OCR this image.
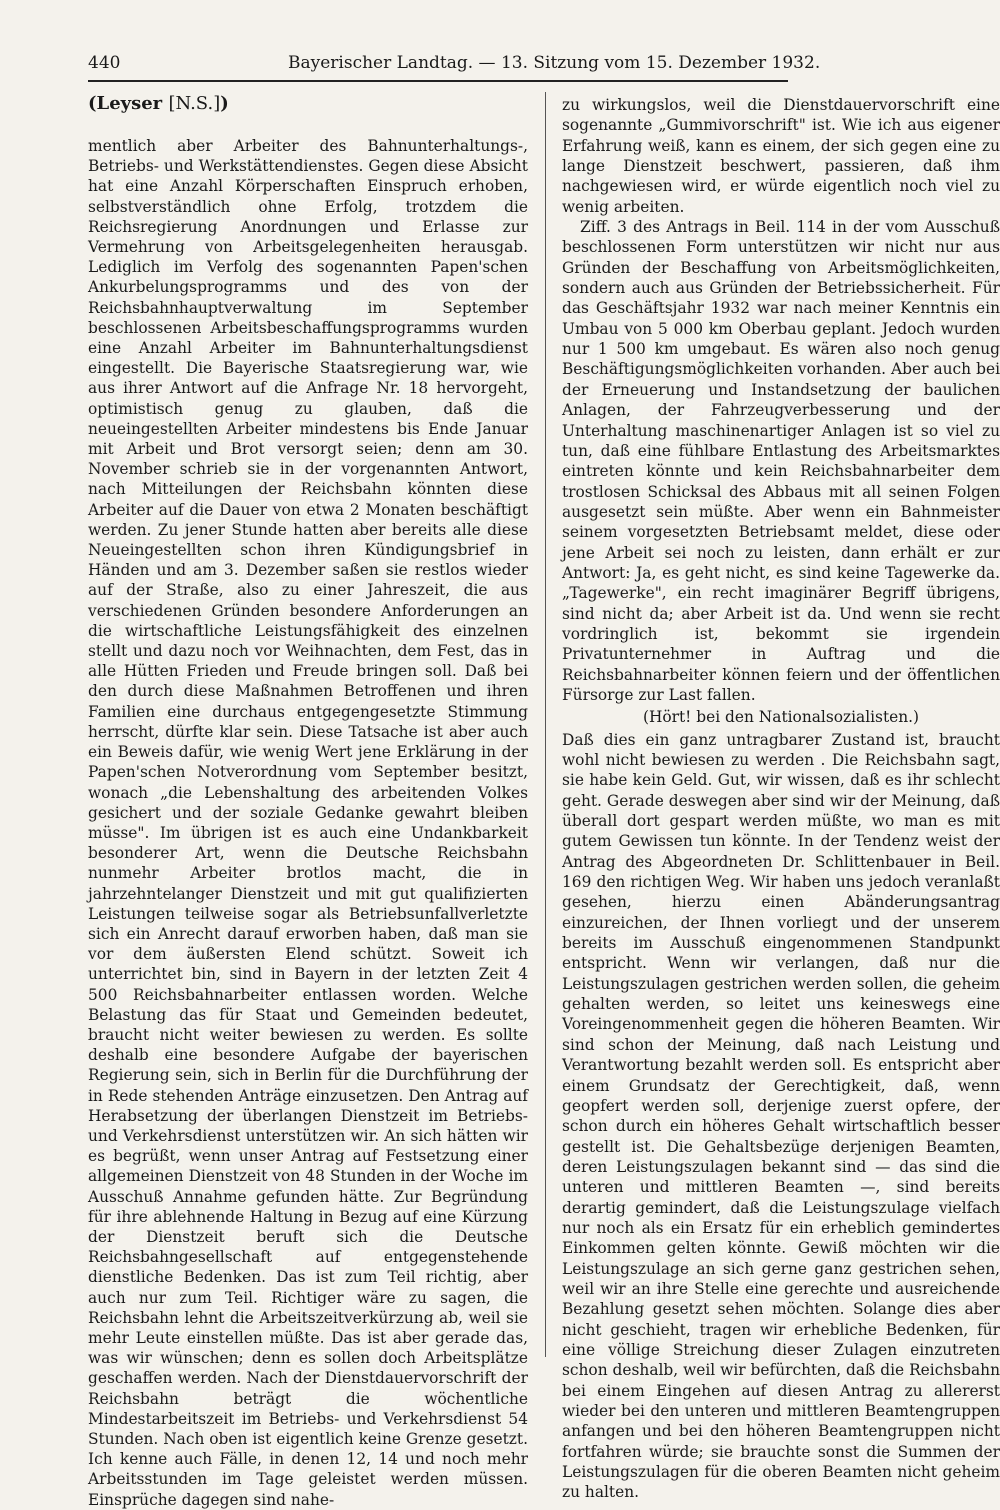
440	Bayerischer Landtag. — 13. Sitzung vom 15. Dezember 1932.
(Leyser [N.S.])

mentlich aber Arbeiter des Bahnunterhaltungs-, Betriebs- und Werkstättendienstes. Gegen diese Absicht hat eine Anzahl Körperschaften Einspruch erhoben, selbstverständlich ohne Erfolg, trotzdem die Reichsregierung Anordnungen und Erlasse zur Vermehrung von Arbeitsgelegenheiten herausgab. Lediglich im Verfolg des sogenannten Papen'schen Ankurbelungsprogramms und des von der Reichsbahnhauptverwaltung im September beschlossenen Arbeitsbeschaffungsprogramms wurden eine Anzahl Arbeiter im Bahnunterhaltungsdienst eingestellt. Die Bayerische Staatsregierung war, wie aus ihrer Antwort auf die Anfrage Nr. 18 hervorgeht, optimistisch genug zu glauben, daß die neueingestellten Arbeiter mindestens bis Ende Januar mit Arbeit und Brot versorgt seien; denn am 30. November schrieb sie in der vorgenannten Antwort, nach Mitteilungen der Reichsbahn könnten diese Arbeiter auf die Dauer von etwa 2 Monaten beschäftigt werden. Zu jener Stunde hatten aber bereits alle diese Neueingestellten schon ihren Kündigungsbrief in Händen und am 3. Dezember saßen sie restlos wieder auf der Straße, also zu einer Jahreszeit, die aus verschiedenen Gründen besondere Anforderungen an die wirtschaftliche Leistungsfähigkeit des einzelnen stellt und dazu noch vor Weihnachten, dem Fest, das in alle Hütten Frieden und Freude bringen soll. Daß bei den durch diese Maßnahmen Betroffenen und ihren Familien eine durchaus entgegengesetzte Stimmung herrscht, dürfte klar sein. Diese Tatsache ist aber auch ein Beweis dafür, wie wenig Wert jene Erklärung in der Papen'schen Notverordnung vom September besitzt, wonach „die Lebenshaltung des arbeitenden Volkes gesichert und der soziale Gedanke gewahrt bleiben müsse". Im übrigen ist es auch eine Undankbarkeit besonderer Art, wenn die Deutsche Reichsbahn nunmehr Arbeiter brotlos macht, die in jahrzehntelanger Dienstzeit und mit gut qualifizierten Leistungen teilweise sogar als Betriebsunfallverletzte sich ein Anrecht darauf erworben haben, daß man sie vor dem äußersten Elend schützt. Soweit ich unterrichtet bin, sind in Bayern in der letzten Zeit 4 500 Reichsbahnarbeiter entlassen worden. Welche Belastung das für Staat und Gemeinden bedeutet, braucht nicht weiter bewiesen zu werden. Es sollte deshalb eine besondere Aufgabe der bayerischen Regierung sein, sich in Berlin für die Durchführung der in Rede stehenden Anträge einzusetzen. Den Antrag auf Herabsetzung der überlangen Dienstzeit im Betriebs- und Verkehrsdienst unterstützen wir. An sich hätten wir es begrüßt, wenn unser Antrag auf Festsetzung einer allgemeinen Dienstzeit von 48 Stunden in der Woche im Ausschuß Annahme gefunden hätte. Zur Begründung für ihre ablehnende Haltung in Bezug auf eine Kürzung der Dienstzeit beruft sich die Deutsche Reichsbahngesellschaft auf entgegenstehende dienstliche Bedenken. Das ist zum Teil richtig, aber auch nur zum Teil. Richtiger wäre zu sagen, die Reichsbahn lehnt die Arbeitszeitverkürzung ab, weil sie mehr Leute einstellen müßte. Das ist aber gerade das, was wir wünschen; denn es sollen doch Arbeitsplätze geschaffen werden. Nach der Dienstdauervorschrift der Reichsbahn beträgt die wöchentliche Mindestarbeitszeit im Betriebs- und Verkehrsdienst 54 Stunden. Nach oben ist eigentlich keine Grenze gesetzt. Ich kenne auch Fälle, in denen 12, 14 und noch mehr Arbeitsstunden im Tage geleistet werden müssen. Einsprüche dagegen sind nahe-

zu wirkungslos, weil die Dienstdauervorschrift eine sogenannte „Gummivorschrift" ist. Wie ich aus eigener Erfahrung weiß, kann es einem, der sich gegen eine zu lange Dienstzeit beschwert, passieren, daß ihm nachgewiesen wird, er würde eigentlich noch viel zu wenig arbeiten.

Ziff. 3 des Antrags in Beil. 114 in der vom Ausschuß beschlossenen Form unterstützen wir nicht nur aus Gründen der Beschaffung von Arbeitsmöglichkeiten, sondern auch aus Gründen der Betriebssicherheit. Für das Geschäftsjahr 1932 war nach meiner Kenntnis ein Umbau von 5 000 km Oberbau geplant. Jedoch wurden nur 1 500 km umgebaut. Es wären also noch genug Beschäftigungsmöglichkeiten vorhanden. Aber auch bei der Erneuerung und Instandsetzung der baulichen Anlagen, der Fahrzeugverbesserung und der Unterhaltung maschinenartiger Anlagen ist so viel zu tun, daß eine fühlbare Entlastung des Arbeitsmarktes eintreten könnte und kein Reichsbahnarbeiter dem trostlosen Schicksal des Abbaus mit all seinen Folgen ausgesetzt sein müßte. Aber wenn ein Bahnmeister seinem vorgesetzten Betriebsamt meldet, diese oder jene Arbeit sei noch zu leisten, dann erhält er zur Antwort: Ja, es geht nicht, es sind keine Tagewerke da. „Tagewerke", ein recht imaginärer Begriff übrigens, sind nicht da; aber Arbeit ist da. Und wenn sie recht vordringlich ist, bekommt sie irgendein Privatunternehmer in Auftrag und die Reichsbahnarbeiter können feiern und der öffentlichen Fürsorge zur Last fallen.

(Hört! bei den Nationalsozialisten.)

Daß dies ein ganz untragbarer Zustand ist, braucht wohl nicht bewiesen zu werden . Die Reichsbahn sagt, sie habe kein Geld. Gut, wir wissen, daß es ihr schlecht geht. Gerade deswegen aber sind wir der Meinung, daß überall dort gespart werden müßte, wo man es mit gutem Gewissen tun könnte. In der Tendenz weist der Antrag des Abgeordneten Dr. Schlittenbauer in Beil. 169 den richtigen Weg. Wir haben uns jedoch veranlaßt gesehen, hierzu einen Abänderungsantrag einzureichen, der Ihnen vorliegt und der unserem bereits im Ausschuß eingenommenen Standpunkt entspricht. Wenn wir verlangen, daß nur die Leistungszulagen gestrichen werden sollen, die geheim gehalten werden, so leitet uns keineswegs eine Voreingenommenheit gegen die höheren Beamten. Wir sind schon der Meinung, daß nach Leistung und Verantwortung bezahlt werden soll. Es entspricht aber einem Grundsatz der Gerechtigkeit, daß, wenn geopfert werden soll, derjenige zuerst opfere, der schon durch ein höheres Gehalt wirtschaftlich besser gestellt ist. Die Gehaltsbezüge derjenigen Beamten, deren Leistungszulagen bekannt sind — das sind die unteren und mittleren Beamten —, sind bereits derartig gemindert, daß die Leistungszulage vielfach nur noch als ein Ersatz für ein erheblich gemindertes Einkommen gelten könnte. Gewiß möchten wir die Leistungszulage an sich gerne ganz gestrichen sehen, weil wir an ihre Stelle eine gerechte und ausreichende Bezahlung gesetzt sehen möchten. Solange dies aber nicht geschieht, tragen wir erhebliche Bedenken, für eine völlige Streichung dieser Zulagen einzutreten schon deshalb, weil wir befürchten, daß die Reichsbahn bei einem Eingehen auf diesen Antrag zu allererst wieder bei den unteren und mittleren Beamtengruppen anfangen und bei den höheren Beamtengruppen nicht fortfahren würde; sie brauchte sonst die Summen der Leistungszulagen für die oberen Beamten nicht geheim zu halten.
